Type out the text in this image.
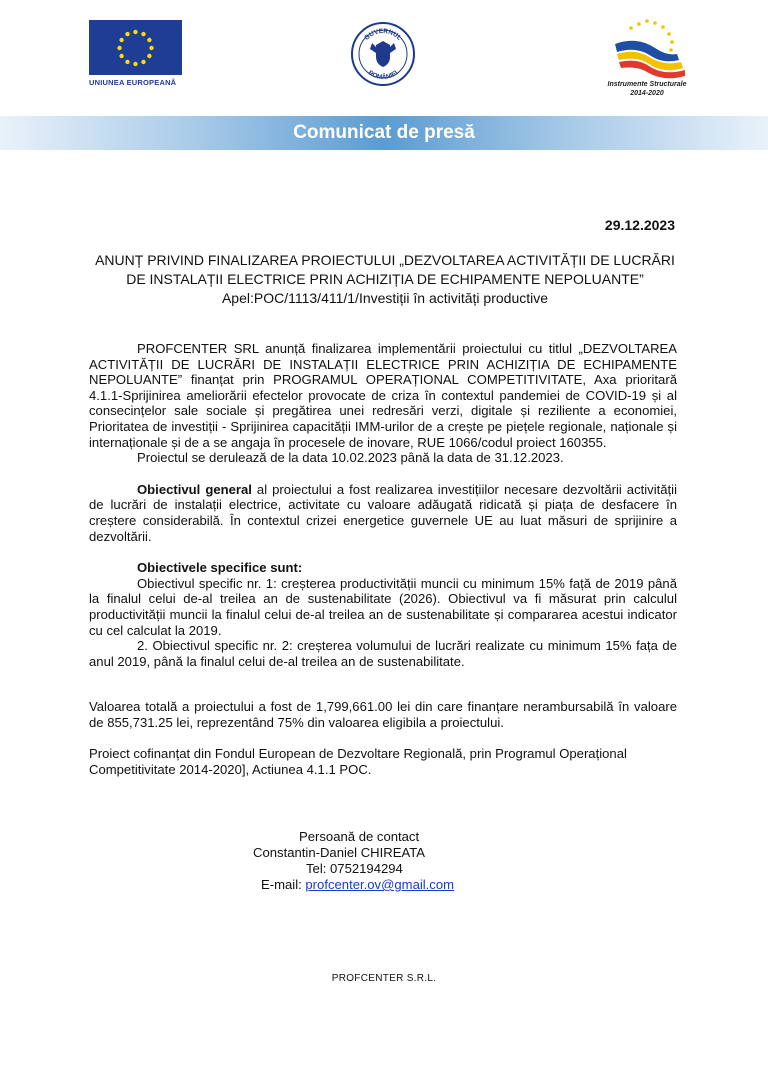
UNIUNEA EUROPEANĂ
GUVERNUL
ROMÂNIEI
Instrumente Structurale
2014-2020
Comunicat de presă
29.12.2023
ANUNȚ PRIVIND FINALIZAREA PROIECTULUI „DEZVOLTAREA ACTIVITĂȚII DE LUCRĂRI DE INSTALAȚII ELECTRICE PRIN ACHIZIȚIA DE ECHIPAMENTE NEPOLUANTE” Apel:POC/1113/411/1/Investiții în activități productive

PROFCENTER SRL anunță finalizarea implementării proiectului cu titlul „DEZVOLTAREA ACTIVITĂȚII DE LUCRĂRI DE INSTALAȚII ELECTRICE PRIN ACHIZIȚIA DE ECHIPAMENTE NEPOLUANTE” finanțat prin PROGRAMUL OPERAȚIONAL COMPETITIVITATE, Axa prioritară 4.1.1-Sprijinirea ameliorării efectelor provocate de criza în contextul pandemiei de COVID-19 și al consecințelor sale sociale și pregătirea unei redresări verzi, digitale și reziliente a economiei, Prioritatea de investiții - Sprijinirea capacității IMM-urilor de a crește pe piețele regionale, naționale și internaționale și de a se angaja în procesele de inovare, RUE 1066/codul proiect 160355.

Proiectul se derulează de la data 10.02.2023 până la data de 31.12.2023.

Obiectivul general al proiectului a fost realizarea investițiilor necesare dezvoltării activității de lucrări de instalații electrice, activitate cu valoare adăugată ridicată și piața de desfacere în creștere considerabilă. În contextul crizei energetice guvernele UE au luat măsuri de sprijinire a dezvoltării.

Obiectivele specifice sunt:

Obiectivul specific nr. 1: creșterea productivității muncii cu minimum 15% față de 2019 până la finalul celui de-al treilea an de sustenabilitate (2026). Obiectivul va fi măsurat prin calculul productivității muncii la finalul celui de-al treilea an de sustenabilitate și compararea acestui indicator cu cel calculat la 2019.

2. Obiectivul specific nr. 2: creșterea volumului de lucrări realizate cu minimum 15% fața de anul 2019, până la finalul celui de-al treilea an de sustenabilitate.

Valoarea totală a proiectului a fost de 1,799,661.00 lei din care finanțare nerambursabilă în valoare de 855,731.25 lei, reprezentând 75% din valoarea eligibila a proiectului.

Proiect cofinanțat din Fondul European de Dezvoltare Regională, prin Programul Operațional Competitivitate 2014-2020], Actiunea 4.1.1 POC.

Persoană de contact
Constantin-Daniel CHIREATA
Tel: 0752194294
E-mail: profcenter.ov@gmail.com
PROFCENTER S.R.L.
